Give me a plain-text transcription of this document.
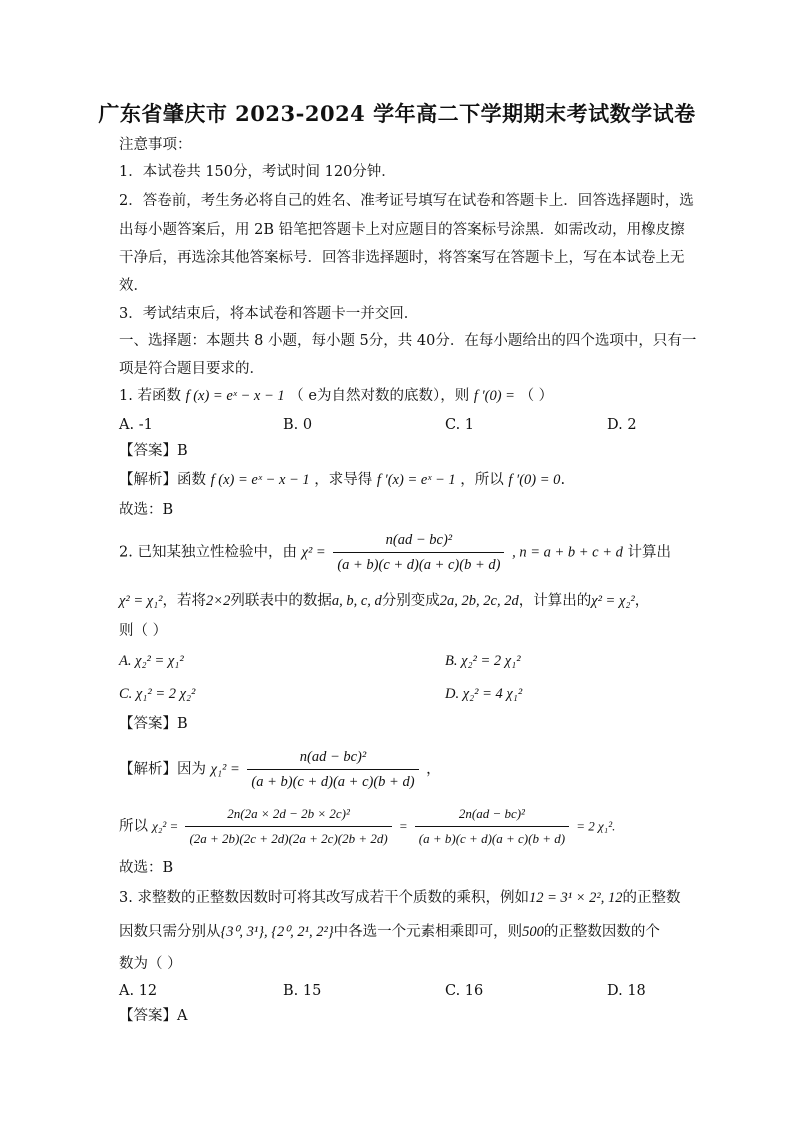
广东省肇庆市 2023-2024 学年高二下学期期末考试数学试卷
注意事项：
1．本试卷共 150分，考试时间 120分钟．
2．答卷前，考生务必将自己的姓名、准考证号填写在试卷和答题卡上．回答选择题时，选
出每小题答案后，用 2B 铅笔把答题卡上对应题目的答案标号涂黑．如需改动，用橡皮擦
干净后，再选涂其他答案标号．回答非选择题时，将答案写在答题卡上，写在本试卷上无
效．
3．考试结束后，将本试卷和答题卡一并交回．
一、选择题：本题共 8 小题，每小题 5分，共 40分．在每小题给出的四个选项中，只有一
项是符合题目要求的．
1. 若函数 f (x) = eˣ − x − 1 （ e为自然对数的底数），则 f ′(0) = （ ）
A. -1	B. 0	C. 1	D. 2
【答案】B
【解析】函数 f (x) = eˣ − x − 1 ，求导得 f ′(x) = eˣ − 1 ，所以 f ′(0) = 0.
故选：B
2. 已知某独立性检验中，由 $\chi^2 = \frac{\text{n(ad − bc)²}}{(a + b)(c + d)(a + c)(b + d)}$ , n = a + b + c + d 计算出
χ² = χ₁²，若将2×2列联表中的数据a, b, c, d分别变成2a, 2b, 2c, 2d，计算出的χ² = χ₂²，
则（ ）
A. χ₂² = χ₁²	B. χ₂² = 2 χ₁²
C. χ₁² = 2 χ₂²	D. χ₂² = 4 χ₁²
【答案】B
【解析】因为 $\chi_1^2 = \frac{\text{n(ad − bc)²}}{(a + b)(c + d)(a + c)(b + d)}$ ，
所以 $\chi_2^2 = \frac{\text{2n(2a × 2d − 2b × 2c)²}}{(2a + 2b)(2c + 2d)(2a + 2c)(2b + 2d)} = \frac{\text{2n(ad − bc)²}}{(a + b)(c + d)(a + c)(b + d)} = 2$ χ₁².
故选：B
3. 求整数的正整数因数时可将其改写成若干个质数的乘积，例如12 = 3¹ × 2², 12的正整数
因数只需分别从{3⁰, 3¹}, {2⁰, 2¹, 2²}中各选一个元素相乘即可，则500的正整数因数的个
数为（ ）
A. 12	B. 15	C. 16	D. 18
【答案】A
